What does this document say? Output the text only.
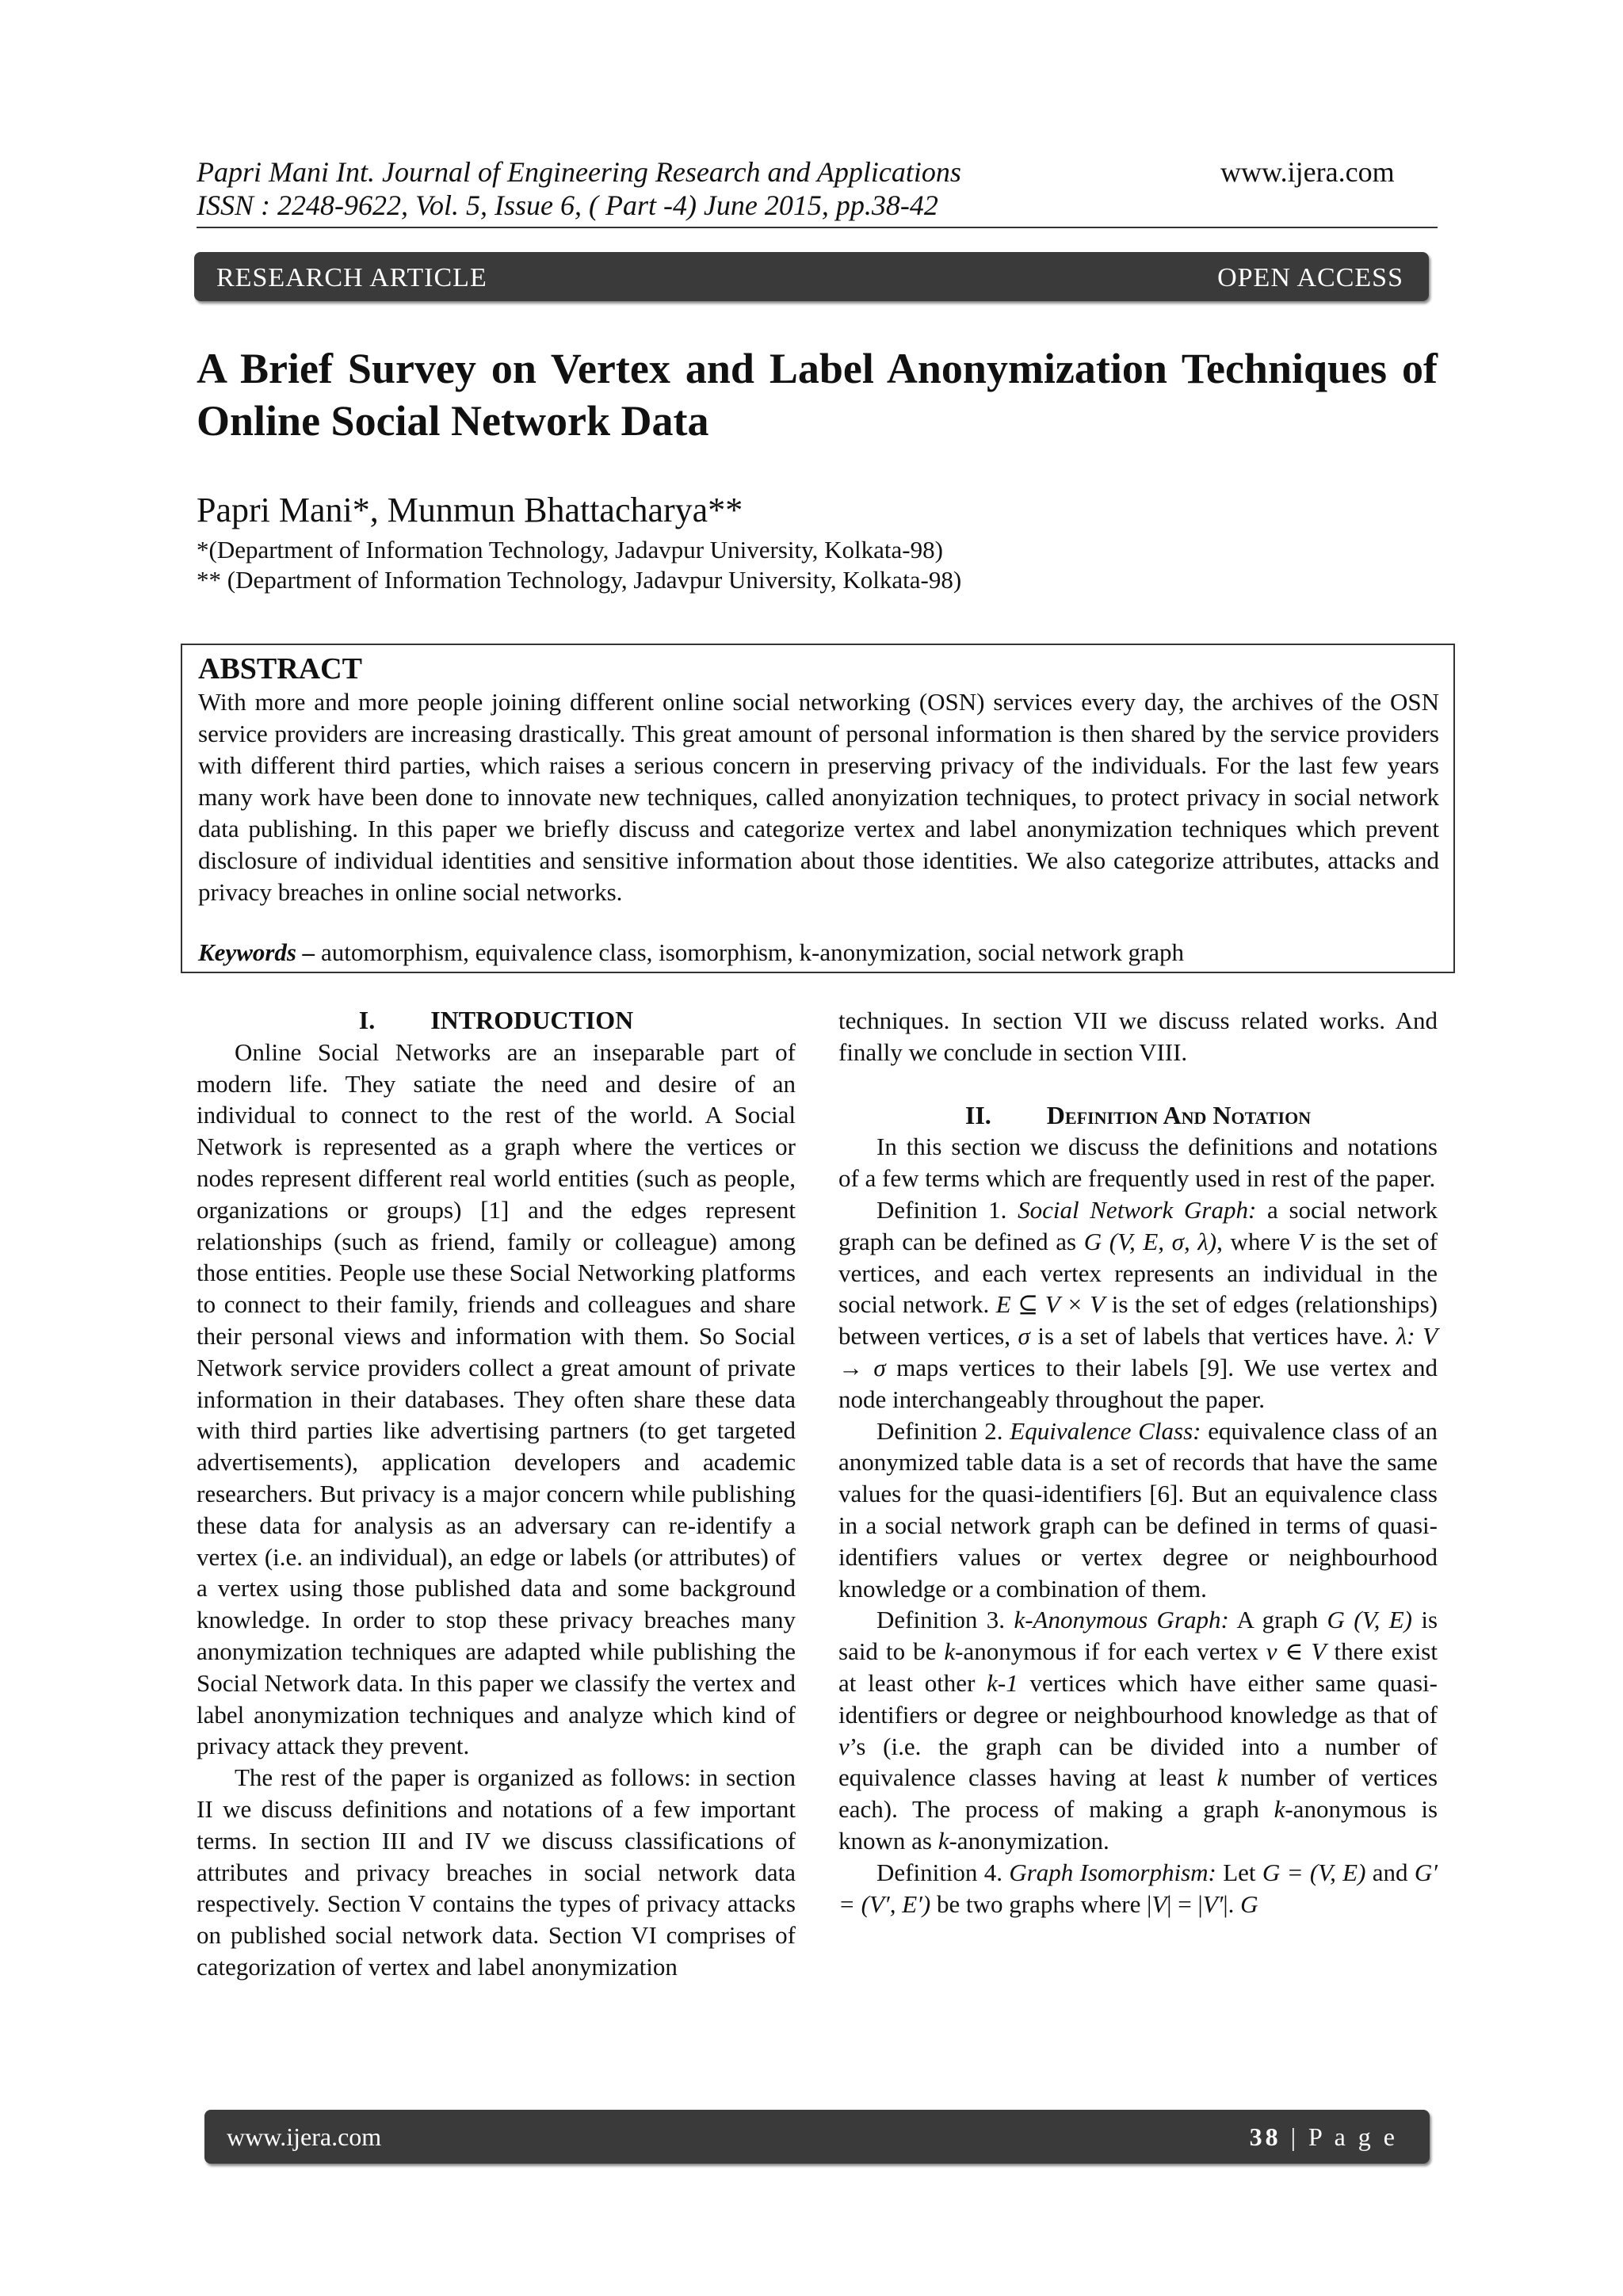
Papri Mani Int. Journal of Engineering Research and Applications	www.ijera.com
ISSN : 2248-9622, Vol. 5, Issue 6, ( Part -4) June 2015, pp.38-42
RESEARCH ARTICLE	OPEN ACCESS
A Brief Survey on Vertex and Label Anonymization Techniques of Online Social Network Data
Papri Mani*, Munmun Bhattacharya**
*(Department of Information Technology, Jadavpur University, Kolkata-98)
** (Department of Information Technology, Jadavpur University, Kolkata-98)
ABSTRACT
With more and more people joining different online social networking (OSN) services every day, the archives of the OSN service providers are increasing drastically. This great amount of personal information is then shared by the service providers with different third parties, which raises a serious concern in preserving privacy of the individuals. For the last few years many work have been done to innovate new techniques, called anonyization techniques, to protect privacy in social network data publishing. In this paper we briefly discuss and categorize vertex and label anonymization techniques which prevent disclosure of individual identities and sensitive information about those identities. We also categorize attributes, attacks and privacy breaches in online social networks.
Keywords – automorphism, equivalence class, isomorphism, k-anonymization, social network graph

I. INTRODUCTION

Online Social Networks are an inseparable part of modern life. They satiate the need and desire of an individual to connect to the rest of the world. A Social Network is represented as a graph where the vertices or nodes represent different real world entities (such as people, organizations or groups) [1] and the edges represent relationships (such as friend, family or colleague) among those entities. People use these Social Networking platforms to connect to their family, friends and colleagues and share their personal views and information with them. So Social Network service providers collect a great amount of private information in their databases. They often share these data with third parties like advertising partners (to get targeted advertisements), application developers and academic researchers. But privacy is a major concern while publishing these data for analysis as an adversary can re-identify a vertex (i.e. an individual), an edge or labels (or attributes) of a vertex using those published data and some background knowledge. In order to stop these privacy breaches many anonymization techniques are adapted while publishing the Social Network data. In this paper we classify the vertex and label anonymization techniques and analyze which kind of privacy attack they prevent.

The rest of the paper is organized as follows: in section II we discuss definitions and notations of a few important terms. In section III and IV we discuss classifications of attributes and privacy breaches in social network data respectively. Section V contains the types of privacy attacks on published social network data. Section VI comprises of categorization of vertex and label anonymization

techniques. In section VII we discuss related works. And finally we conclude in section VIII.

II. Definition And Notation

In this section we discuss the definitions and notations of a few terms which are frequently used in rest of the paper.

Definition 1. Social Network Graph: a social network graph can be defined as G (V, E, σ, λ), where V is the set of vertices, and each vertex represents an individual in the social network. E ⊆ V × V is the set of edges (relationships) between vertices, σ is a set of labels that vertices have. λ: V → σ maps vertices to their labels [9]. We use vertex and node interchangeably throughout the paper.

Definition 2. Equivalence Class: equivalence class of an anonymized table data is a set of records that have the same values for the quasi-identifiers [6]. But an equivalence class in a social network graph can be defined in terms of quasi-identifiers values or vertex degree or neighbourhood knowledge or a combination of them.

Definition 3. k-Anonymous Graph: A graph G (V, E) is said to be k-anonymous if for each vertex v ∈ V there exist at least other k-1 vertices which have either same quasi-identifiers or degree or neighbourhood knowledge as that of v’s (i.e. the graph can be divided into a number of equivalence classes having at least k number of vertices each). The process of making a graph k-anonymous is known as k-anonymization.

Definition 4. Graph Isomorphism: Let G = (V, E) and G′ = (V′, E′) be two graphs where |V| = |V′|. G

www.ijera.com	38 | P a g e
